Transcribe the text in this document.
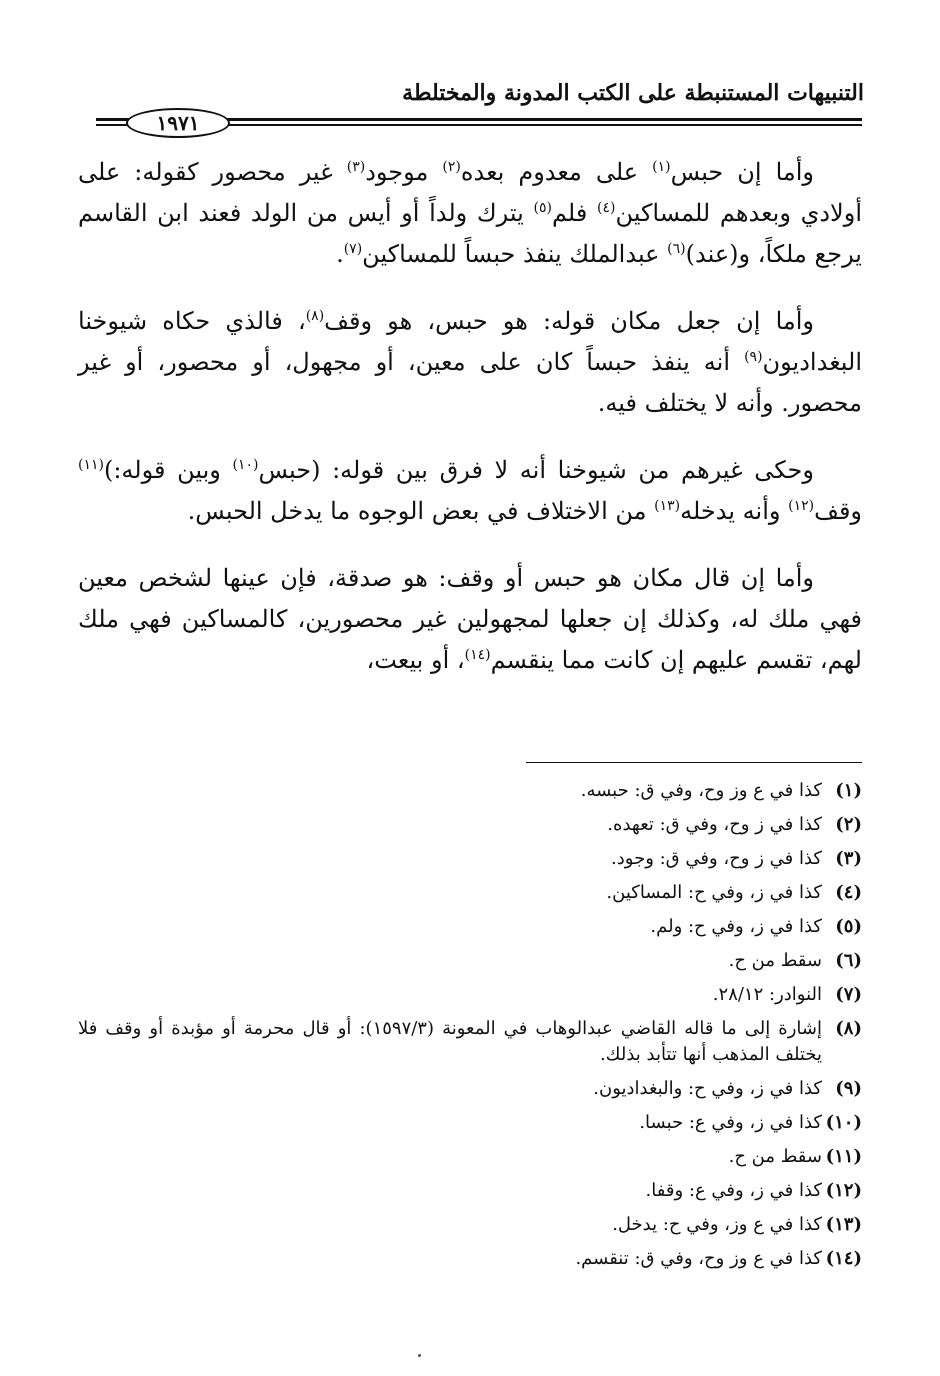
التنبيهات المستنبطة على الكتب المدونة والمختلطة
١٩٧١

وأما إن حبس$^{(١)}$ على معدوم بعده$^{(٢)}$ موجود$^{(٣)}$ غير محصور كقوله: على أولادي وبعدهم للمساكين$^{(٤)}$ فلم$^{(٥)}$ يترك ولداً أو أيس من الولد فعند ابن القاسم يرجع ملكاً، و(عند)$^{(٦)}$ عبدالملك ينفذ حبساً للمساكين$^{(٧)}$.

وأما إن جعل مكان قوله: هو حبس، هو وقف$^{(٨)}$، فالذي حكاه شيوخنا البغداديون$^{(٩)}$ أنه ينفذ حبساً كان على معين، أو مجهول، أو محصور، أو غير محصور. وأنه لا يختلف فيه.

وحكى غيرهم من شيوخنا أنه لا فرق بين قوله: (حبس$^{(١٠)}$ وبين قوله:)$^{(١١)}$ وقف$^{(١٢)}$ وأنه يدخله$^{(١٣)}$ من الاختلاف في بعض الوجوه ما يدخل الحبس.

وأما إن قال مكان هو حبس أو وقف: هو صدقة، فإن عينها لشخص معين فهي ملك له، وكذلك إن جعلها لمجهولين غير محصورين، كالمساكين فهي ملك لهم، تقسم عليهم إن كانت مما ينقسم$^{(١٤)}$، أو بيعت،

(١)
كذا في ع وز وح، وفي ق: حبسه.
(٢)
كذا في ز وح، وفي ق: تعهده.
(٣)
كذا في ز وح، وفي ق: وجود.
(٤)
كذا في ز، وفي ح: المساكين.
(٥)
كذا في ز، وفي ح: ولم.
(٦)
سقط من ح.
(٧)
النوادر: ٢٨/١٢.
(٨)
إشارة إلى ما قاله القاضي عبدالوهاب في المعونة (١٥٩٧/٣): أو قال محرمة أو مؤبدة أو وقف فلا يختلف المذهب أنها تتأبد بذلك.
(٩)
كذا في ز، وفي ح: والبغداديون.
(١٠)
كذا في ز، وفي ع: حبسا.
(١١)
سقط من ح.
(١٢)
كذا في ز، وفي ع: وقفا.
(١٣)
كذا في ع وز، وفي ح: يدخل.
(١٤)
كذا في ع وز وح، وفي ق: تنقسم.
